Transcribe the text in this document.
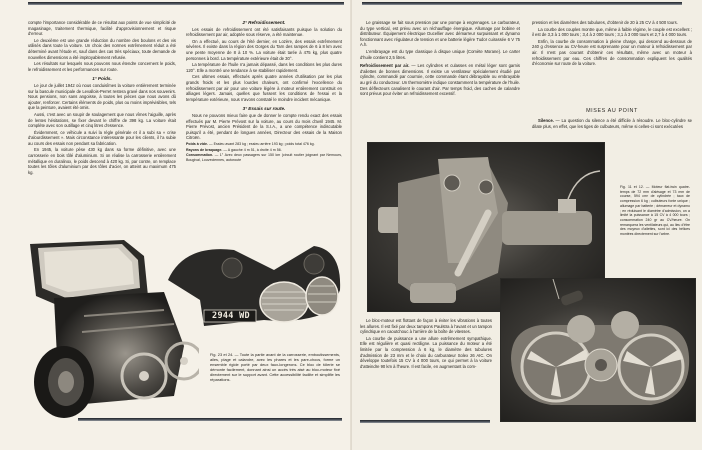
compte l'importance considérable de ce résultat aux points de vue simplicité de magasinage, traitement thermique, facilité d'approvisionnement et risque d'erreur.

Le deuxième est une grande réduction du nombre des boulons et des vis utilisés dans toute la voiture. Un choix des normes extrêmement réduit a été déterminé avant l'étude et, sauf dans des cas très spéciaux, toute demande de nouvelles dimensions a été impitoyablement refusée.

Les résultats sur lesquels nous pouvons nous étendre concernent le poids, le refroidissement et les performances sur route.

1° Poids.

Le jour de juillet 1942 où nous conduisîmes la voiture entièrement terminée sur la bascule municipale de Levallois-Perret restera gravé dans nos souvenirs. Nous pensions, non sans angoisse, à toutes les pièces que nous avons dû ajouter, renforcer. Certains éléments de poids, plus ou moins imprévisibles, tels que la peinture, avaient été omis.

Aussi, c'est avec un soupir de soulagement que nous vîmes l'aiguille, après de lentes hésitations, se fixer devant le chiffre de 398 kg. La voiture était complète avec son outillage et cinq litres d'essence.

Évidemment, ce véhicule a suivi la règle générale et il a subi sa « crise d'alourdissement ». Mais circonstance intéressante pour les clients, il l'a subie au cours des essais non pendant sa fabrication.

En 1945, la voiture pèse 430 kg dans sa forme définitive, avec une carrosserie en bois tôlé d'aluminium. Si on réalise la carrosserie entièrement métallique en duralinox, le poids descend à 420 kg. Si, par contre, on remplace toutes les tôles d'aluminium par des tôles d'acier, on atteint au maximum 475 kg.

2° Refroidissement.

Les essais de refroidissement ont été satisfaisants puisque la solution du refroidissement par air, adoptée sous réserve, a été maintenue.

On a effectué, au cours de l'été dernier, en Lozère, des essais extrêmement sévères. Il existe dans la région des Gorges du Tarn des rampes de 6 à 8 km avec une pente moyenne de 8 à 10 %. La voiture était tarée à 475 kg, plus quatre personnes à bord. La température extérieure était de 30°.

La température de l'huile n'a jamais dépassé, dans les conditions les plus dures 120°. Elle a montré une tendance à se stabiliser rapidement.

Ces ultimes essais, effectués après quatre années d'utilisation par les plus grands froids et les plus lourdes chaleurs, ont confirmé l'excellence du refroidissement par air pour une voiture légère à moteur entièrement construit en alliages légers. Jamais, quelles que fussent les conditions de l'essai et la température extérieure, nous n'avons constaté le moindre incident mécanique.

3° Essais sur route.

Nous ne pouvons mieux faire que de donner le compte rendu exact des essais effectués par M. Pierre Prévost sur la voiture, au cours du mois d'avril 1945. M. Pierre Prévost, ancien Président de la S.I.A., a une compétence indiscutable puisqu'il a été, pendant de longues années, Directeur des essais de la Maison Citroën.

Poids à vide. — Essieu avant 283 kg ; essieu arrière 193 kg ; poids total 476 kg.

Rayons de braquage. — A gauche 4 m 51, à droite 4 m 56.

Consommation. — 1° Avec deux passagers sur 150 km (circuit routier joignant par Nemours, Bougival, Louveciennes, autoroute

2944 WD
Fig. 23 et 24. — Toute la partie avant de la carrosserie, emboutissements, ailes, plage et calandre, avec les phares et les pare-chocs, forme un ensemble rigide porté par deux faux-longerons. Ce bloc de tôlerie se démonte facilement, donnant ainsi un accès très aisé au bloc-moteur fixé directement sur le support avant. Cette accessibilité facilite et simplifie les réparations.

Le graissage se fait sous pression par une pompe à engrenages. Le carburateur, du type vertical, est prévu avec un réchauffage énergique. Allumage par bobine et distributeur. Équipement électrique Ducellier avec démarreur surpuissant et dynamo fonctionnant avec régulateur de tension et une batterie légère Tudor cuirassée 6 V 75 A.h.

L'embrayage est du type classique à disque unique (Comète Morane). Le carter d'huile contient 2,5 litres.

Refroidissement par air. — Les cylindres et culasses en métal léger sont garnis d'ailettes de bonnes dimensions. Il existe un ventilateur spécialement étudié par cylindre, commandé par courroie, cette commande étant débrayable ou embrayable au gré du conducteur. Un thermomètre indique constamment la température de l'huile. Des déflecteurs canalisent le courant d'air. Par temps froid, des caches de calandre sont prévus pour éviter un refroidissement excessif.

pression et les diamètres des tubulures, d'obtenir de 20 à 25 CV à 4 500 tours.

La courbe des couples montre que, même à faible régime, le couple est excellent ; il est de 3,3 à 1 000 tours ; 3,4 à 2 000 tours ; 3,1 à 3 000 tours et 2,7 à 4 000 tours.

Enfin, la courbe de consommation à pleine charge, qui descend au-dessous de 240 g d'essence au CV-heure est surprenante pour un moteur à refroidissement par air. Il n'est pas courant d'obtenir ces résultats, même avec un moteur à refroidissement par eau. Ces chiffres de consommation expliquent les qualités d'économie sur route de la voiture.

MISES AU POINT

Silence. — La question du silence a été difficile à résoudre. Le bloc-cylindre se dilate plus, en effet, que les tiges de culbuteurs, même si celles-ci sont exécutées

Fig. 11 et 12. — Moteur flat-twin quatre-temps de 72 mm d'alésage et 73 mm de course, 594 cm³ de cylindrée ; taux de compression 6 kg ; culbuteurs fonte unique ; allumage par batterie ; démarreur et dynamo ; en réduisant le diamètre d'admission, on a limité la puissance à 15 CV à 4 000 tours ; consommation 240 gr au CV/heure. On remarquera les ventilateurs qui, au lieu d'être des moyeux d'ailettes, sont ici des hélices montées directement sur l'arbre.

Le bloc-moteur est flottant de façon à éviter les vibrations à toutes les allures. Il est fixé par deux tampons Paulstra à l'avant et un tampon cylindrique en caoutchouc à l'arrière de la boîte de vitesses.

La courbe de puissance a une allure extrêmement sympathique. Elle est régulière et quasi rectiligne. La puissance du moteur a été limitée par la compression à 6 kg, le diamètre des tubulures d'admission de 23 mm et le choix du carburateur Solex 26 AIC. On développe toutefois 15 CV à 4 000 tours, ce qui permet à la voiture d'atteindre 90 km à l'heure. Il est facile, en augmentant la com-
